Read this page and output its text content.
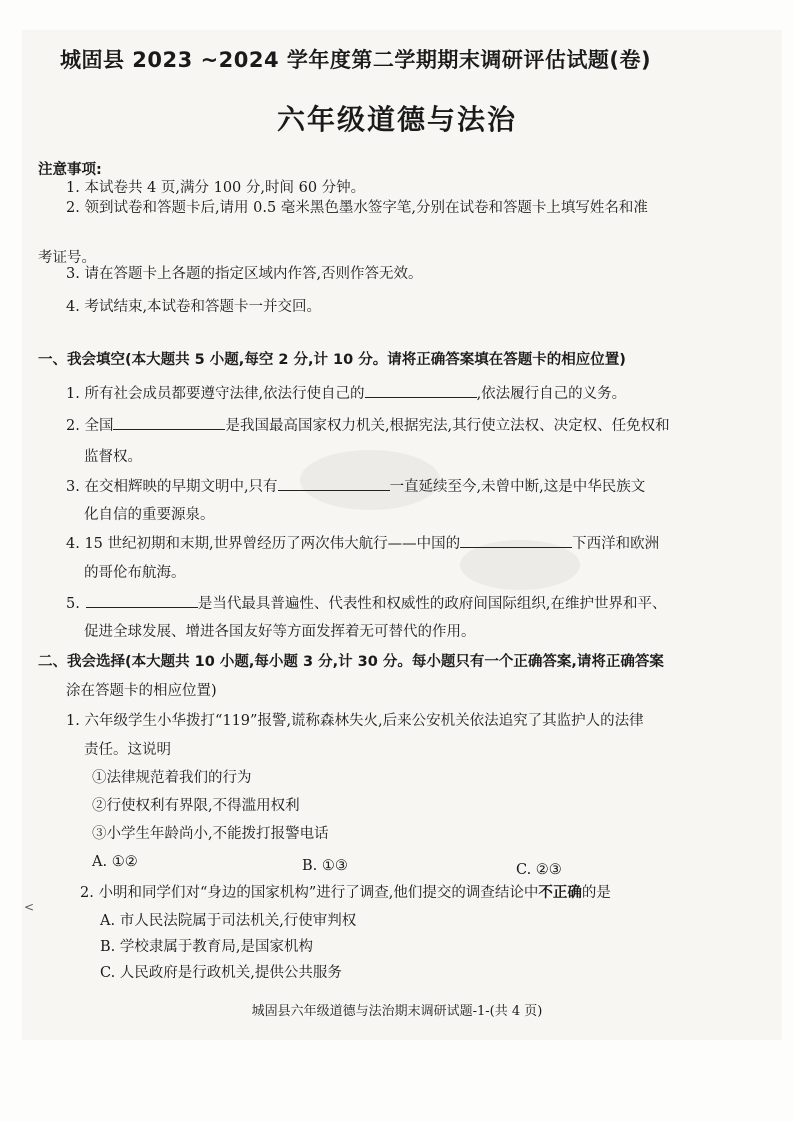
城固县 2023 ~2024 学年度第二学期期末调研评估试题(卷)
六年级道德与法治
注意事项:
1. 本试卷共 4 页,满分 100 分,时间 60 分钟。
2. 领到试卷和答题卡后,请用 0.5 毫米黑色墨水签字笔,分别在试卷和答题卡上填写姓名和准
考证号。
3. 请在答题卡上各题的指定区域内作答,否则作答无效。
4. 考试结束,本试卷和答题卡一并交回。
一、我会填空(本大题共 5 小题,每空 2 分,计 10 分。请将正确答案填在答题卡的相应位置)
1. 所有社会成员都要遵守法律,依法行使自己的	,依法履行自己的义务。
2. 全国	是我国最高国家权力机关,根据宪法,其行使立法权、决定权、任免权和
监督权。
3. 在交相辉映的早期文明中,只有	一直延续至今,未曾中断,这是中华民族文
化自信的重要源泉。
4. 15 世纪初期和末期,世界曾经历了两次伟大航行——中国的	下西洋和欧洲
的哥伦布航海。
5.	是当代最具普遍性、代表性和权威性的政府间国际组织,在维护世界和平、
促进全球发展、增进各国友好等方面发挥着无可替代的作用。
二、我会选择(本大题共 10 小题,每小题 3 分,计 30 分。每小题只有一个正确答案,请将正确答案
涂在答题卡的相应位置)
1. 六年级学生小华拨打“119”报警,谎称森林失火,后来公安机关依法追究了其监护人的法律
责任。这说明
①法律规范着我们的行为
②行使权利有界限,不得滥用权利
③小学生年龄尚小,不能拨打报警电话
A. ①②	B. ①③	C. ②③
2. 小明和同学们对“身边的国家机构”进行了调查,他们提交的调查结论中不正确的是
A. 市人民法院属于司法机关,行使审判权
B. 学校隶属于教育局,是国家机构
C. 人民政府是行政机关,提供公共服务
<
城固县六年级道德与法治期末调研试题-1-(共 4 页)
